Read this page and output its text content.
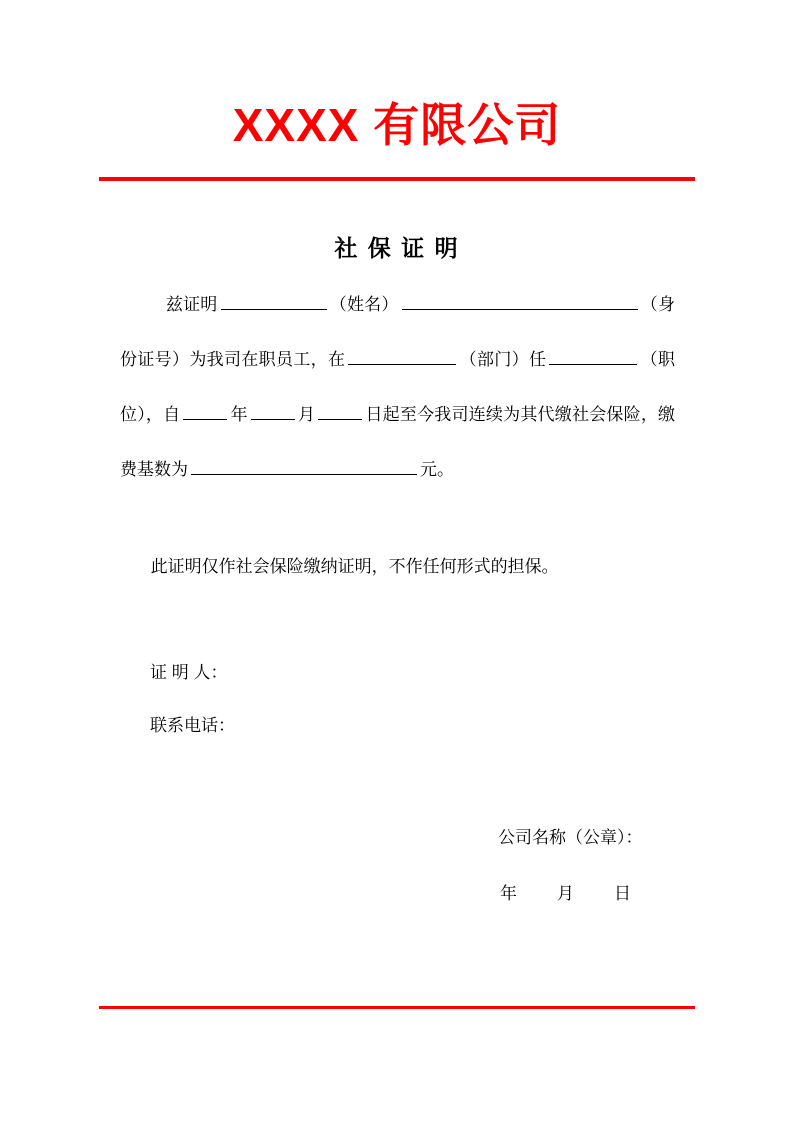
XXXX 有限公司
社 保 证 明

兹证明	（姓名）	（身份证号）为我司在职员工，在	（部门）任	（职位），自	年	月	日起至今我司连续为其代缴社会保险，缴费基数为	元。

此证明仅作社会保险缴纳证明，不作任何形式的担保。

证 明 人：

联系电话：

公司名称（公章）：

年 月 日
